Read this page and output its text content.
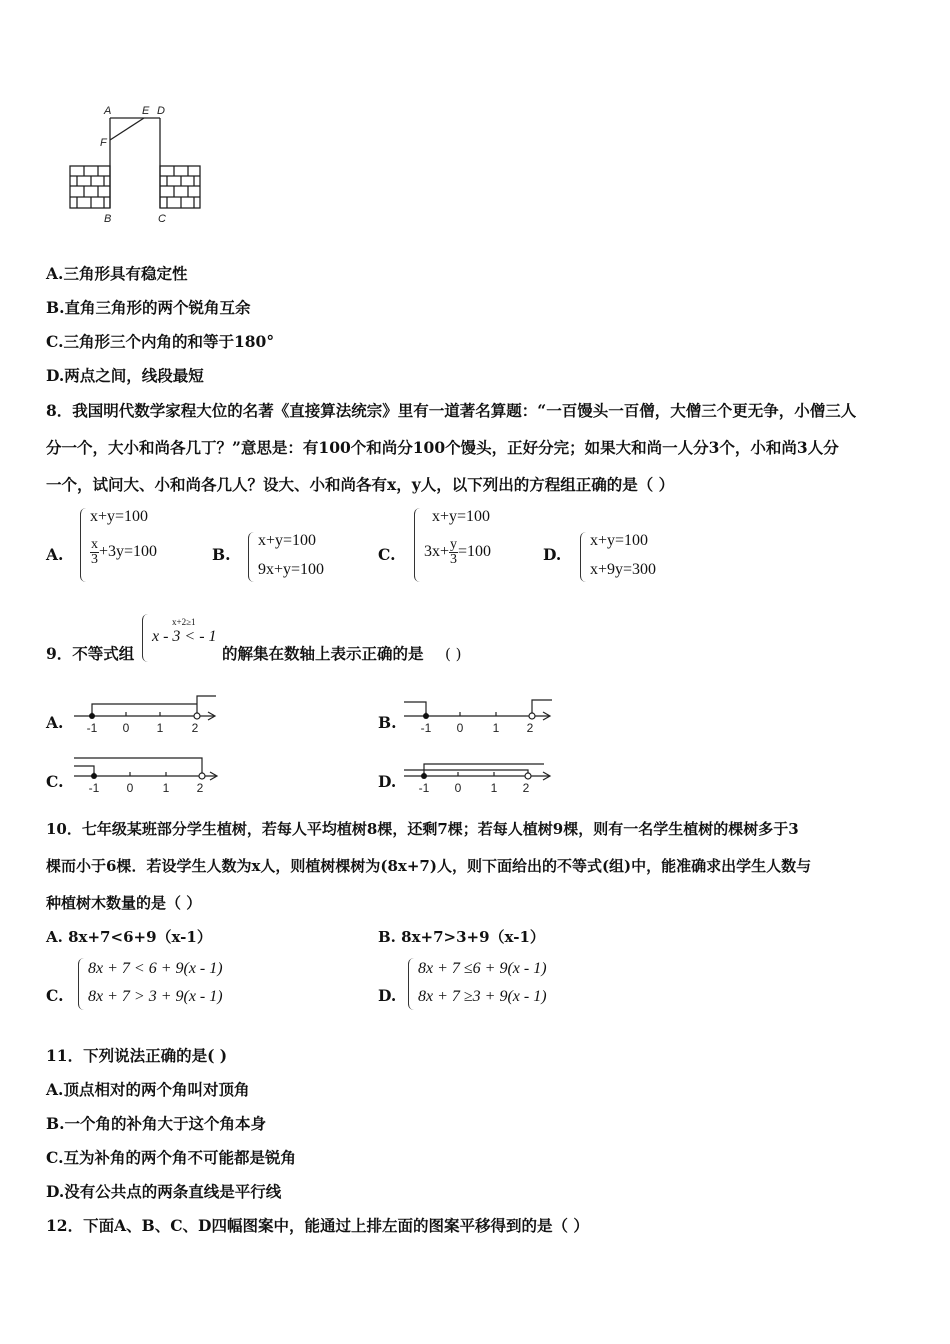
A	E D
F
B	C
A.三角形具有稳定性
B.直角三角形的两个锐角互余
C.三角形三个内角的和等于180°
D.两点之间，线段最短
8．我国明代数学家程大位的名著《直接算法统宗》里有一道著名算题：“一百馒头一百僧，大僧三个更无争，小僧三人
分一个，大小和尚各几丁？”意思是：有100个和尚分100个馒头，正好分完；如果大和尚一人分3个，小和尚3人分
一个，试问大、小和尚各几人？设大、小和尚各有x，y人，以下列出的方程组正确的是（ ）
A.
x+y=100
$\frac{x}{3} +3y=100$	B.
x+y=100
9x+y=100
C.
x+y=100
$3x+ \frac{y}{3} =100$	D.
x+y=100
x+9y=300
9．不等式组
x+2≥1
x - 3 < - 1
的解集在数轴上表示正确的是 ( )
A. -1 0 1 2	B. -1 0 1 2
C. -1 0 1 2	D. -1 0 1 2
10．七年级某班部分学生植树，若每人平均植树8棵，还剩7棵；若每人植树9棵，则有一名学生植树的棵树多于3
棵而小于6棵．若设学生人数为x人，则植树棵树为(8x+7)人，则下面给出的不等式(组)中，能准确求出学生人数与
种植树木数量的是（ ）
A. 8x+7<6+9（x-1）	B. 8x+7>3+9（x-1）
C.
8x + 7 < 6 + 9(x - 1)
8x + 7 > 3 + 9(x - 1)	D.
8x + 7 ≤6 + 9(x - 1)
8x + 7 ≥3 + 9(x - 1)
11．下列说法正确的是( )
A.顶点相对的两个角叫对顶角
B.一个角的补角大于这个角本身
C.互为补角的两个角不可能都是锐角
D.没有公共点的两条直线是平行线
12．下面A、B、C、D四幅图案中，能通过上排左面的图案平移得到的是（ ）
